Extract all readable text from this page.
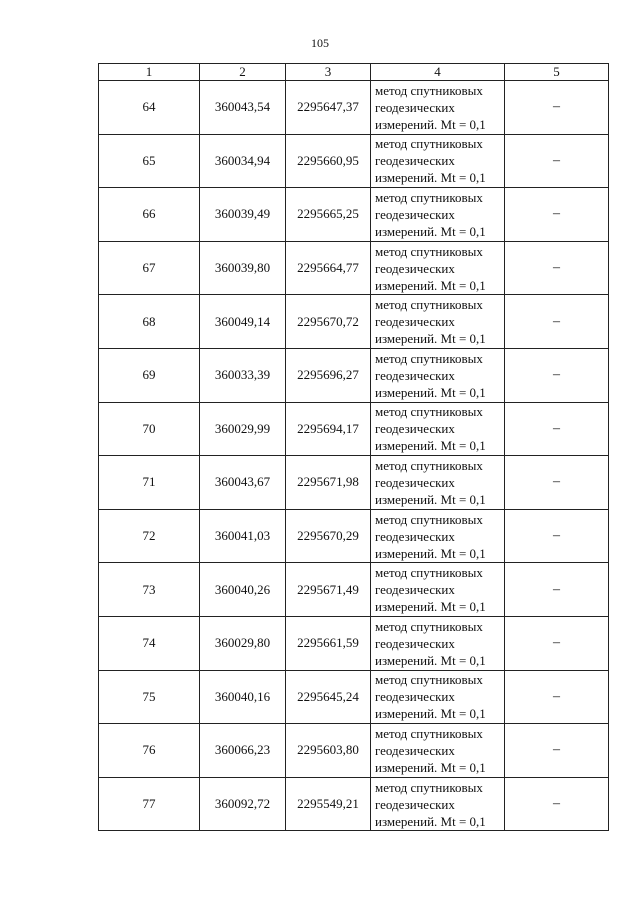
105
1	2	3	4	5
64	360043,54	2295647,37	метод спутниковых
геодезических
измерений. Mt = 0,1	–
65	360034,94	2295660,95	метод спутниковых
геодезических
измерений. Mt = 0,1	–
66	360039,49	2295665,25	метод спутниковых
геодезических
измерений. Mt = 0,1	–
67	360039,80	2295664,77	метод спутниковых
геодезических
измерений. Mt = 0,1	–
68	360049,14	2295670,72	метод спутниковых
геодезических
измерений. Mt = 0,1	–
69	360033,39	2295696,27	метод спутниковых
геодезических
измерений. Mt = 0,1	–
70	360029,99	2295694,17	метод спутниковых
геодезических
измерений. Mt = 0,1	–
71	360043,67	2295671,98	метод спутниковых
геодезических
измерений. Mt = 0,1	–
72	360041,03	2295670,29	метод спутниковых
геодезических
измерений. Mt = 0,1	–
73	360040,26	2295671,49	метод спутниковых
геодезических
измерений. Mt = 0,1	–
74	360029,80	2295661,59	метод спутниковых
геодезических
измерений. Mt = 0,1	–
75	360040,16	2295645,24	метод спутниковых
геодезических
измерений. Mt = 0,1	–
76	360066,23	2295603,80	метод спутниковых
геодезических
измерений. Mt = 0,1	–
77	360092,72	2295549,21	метод спутниковых
геодезических
измерений. Mt = 0,1	–
